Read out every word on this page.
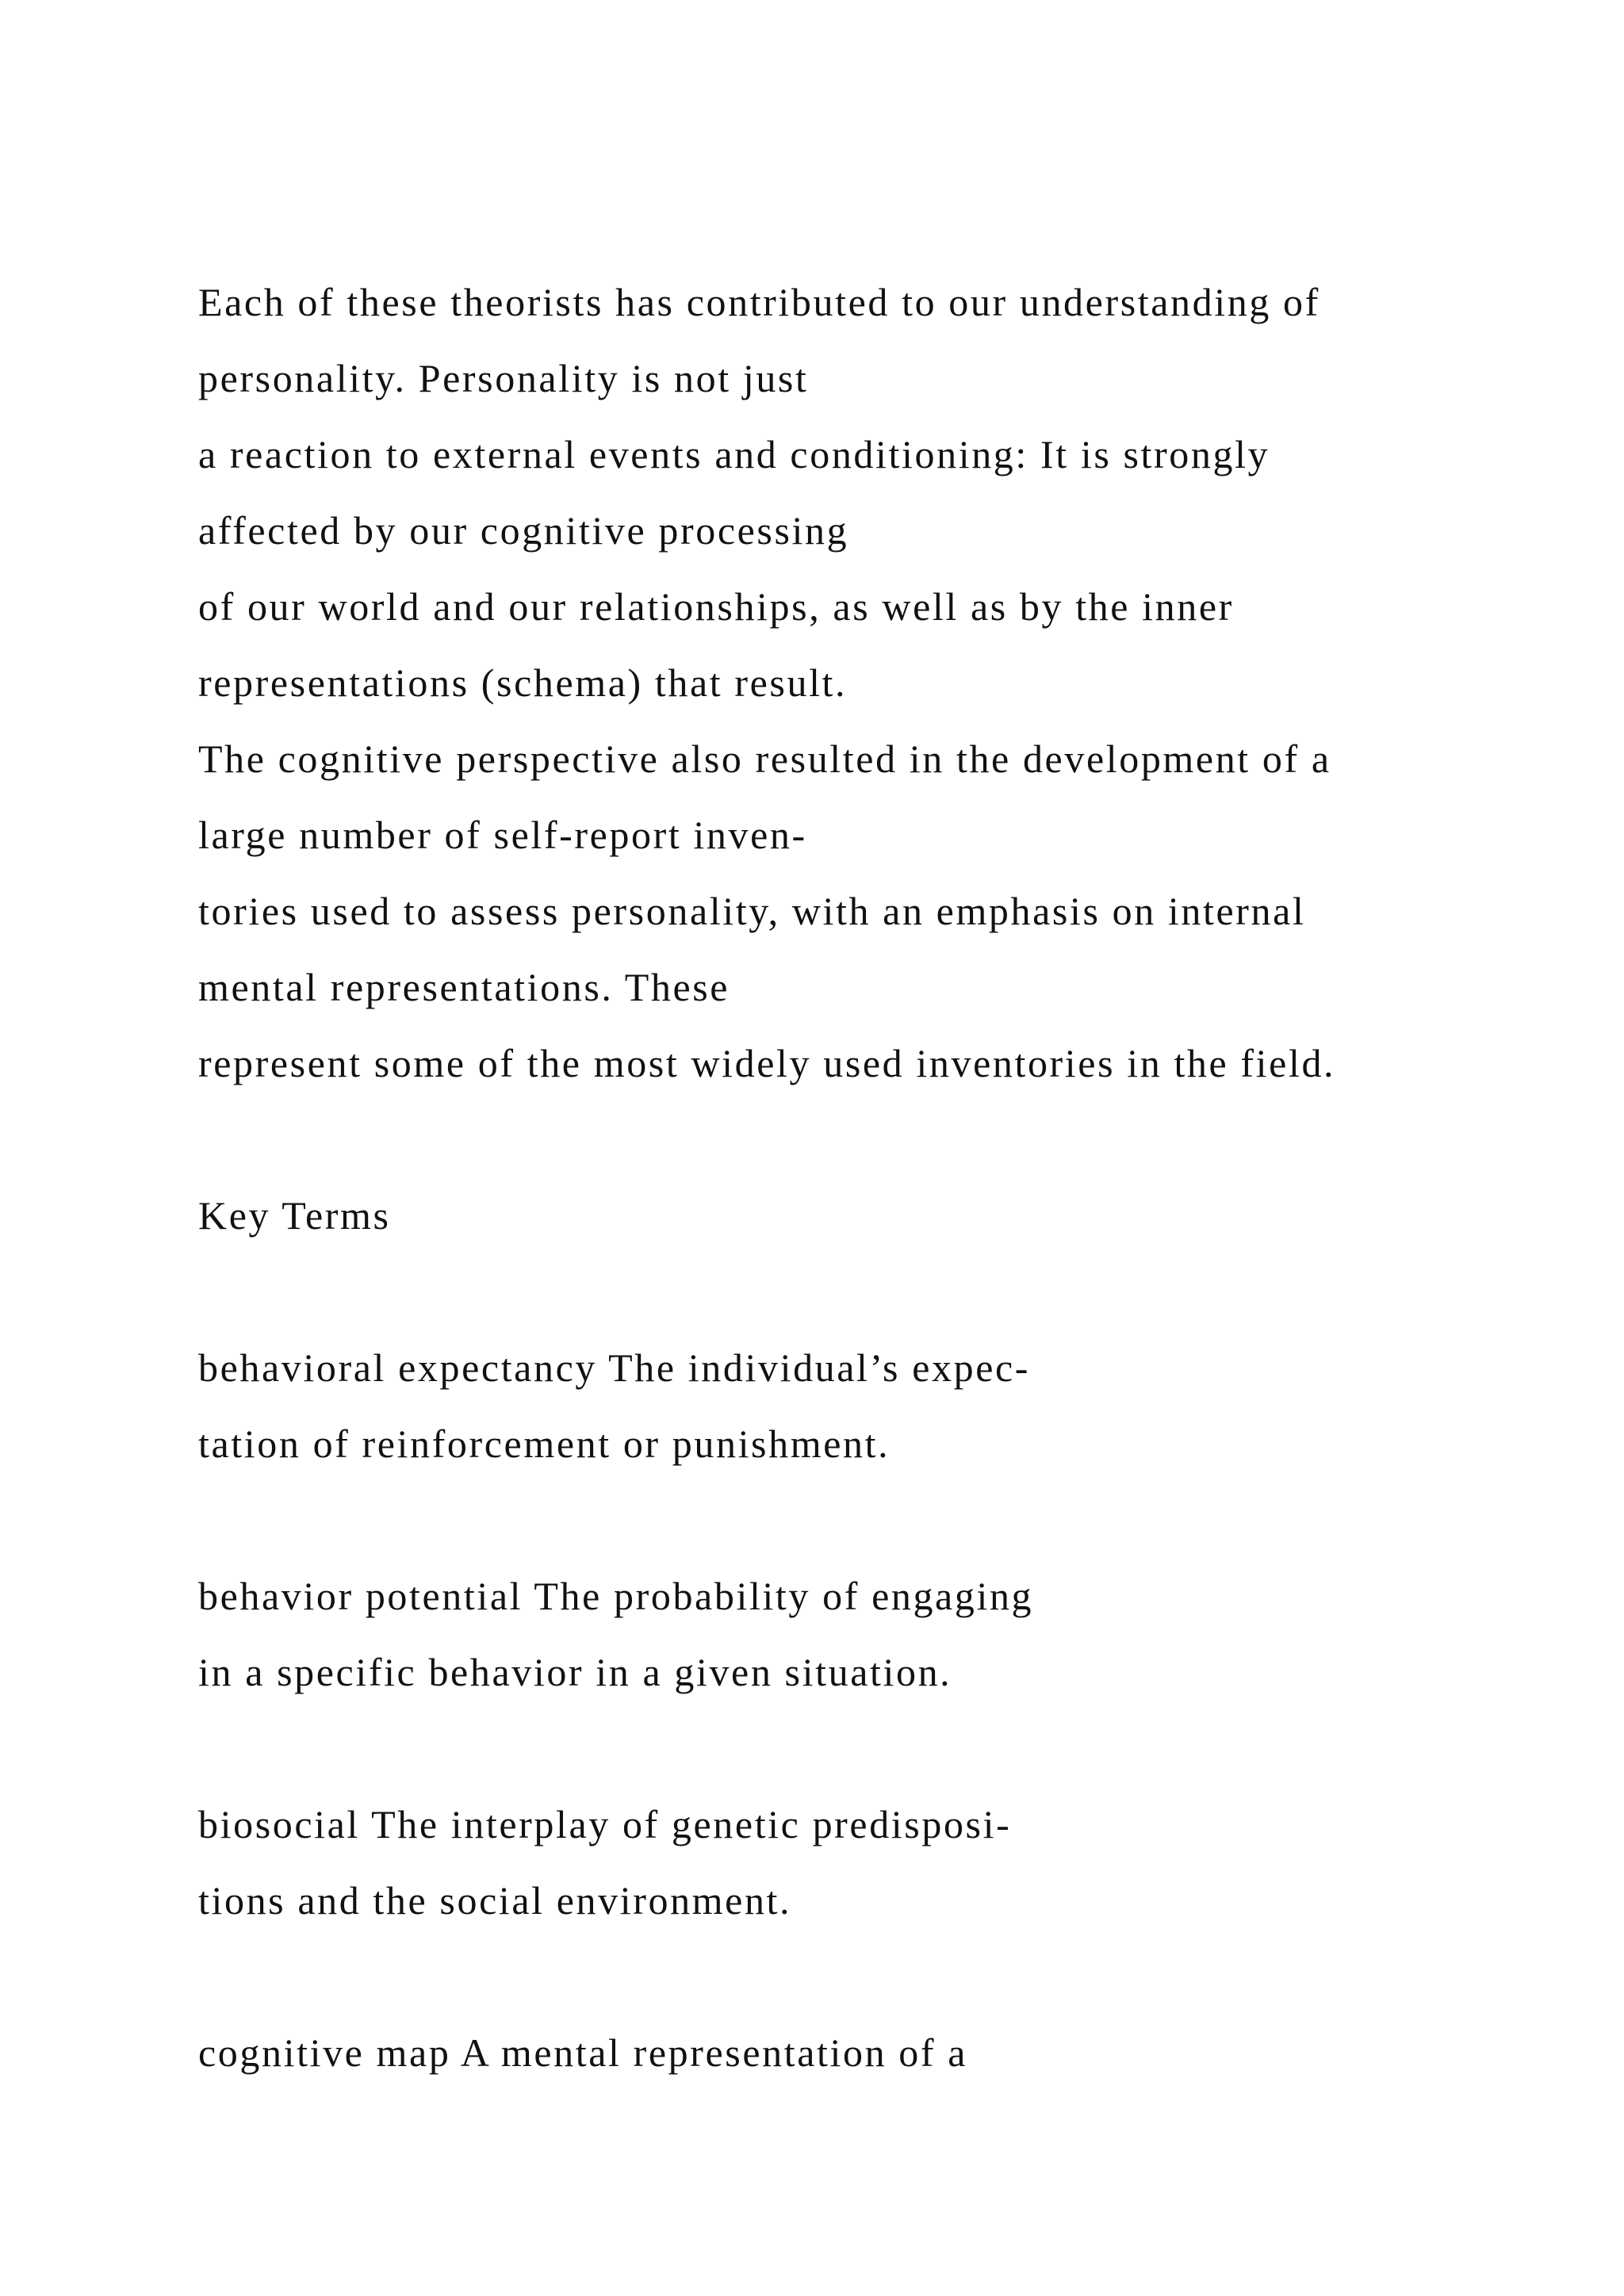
Each of these theorists has contributed to our understanding of

personality. Personality is not just

a reaction to external events and conditioning: It is strongly

affected by our cognitive processing

of our world and our relationships, as well as by the inner

representations (schema) that result.

The cognitive perspective also resulted in the development of a

large number of self-report inven-

tories used to assess personality, with an emphasis on internal

mental representations. These

represent some of the most widely used inventories in the field.

Key Terms

behavioral expectancy The individual’s expec-

tation of reinforcement or punishment.

behavior potential The probability of engaging

in a specific behavior in a given situation.

biosocial The interplay of genetic predisposi-

tions and the social environment.

cognitive map A mental representation of a
